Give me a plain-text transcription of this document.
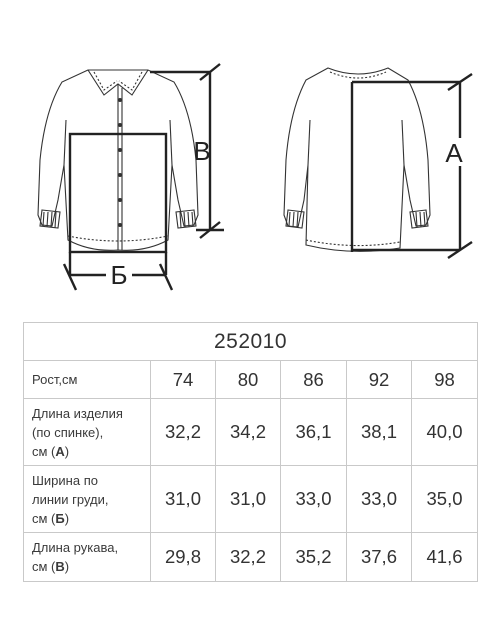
В
Б
А
252010					
Рост,см	74	80	86	92	98
Длина изделия
(по спинке),
см (А)	32,2	34,2	36,1	38,1	40,0
Ширина по
линии груди,
см (Б)	31,0	31,0	33,0	33,0	35,0
Длина рукава,
см (В)	29,8	32,2	35,2	37,6	41,6
